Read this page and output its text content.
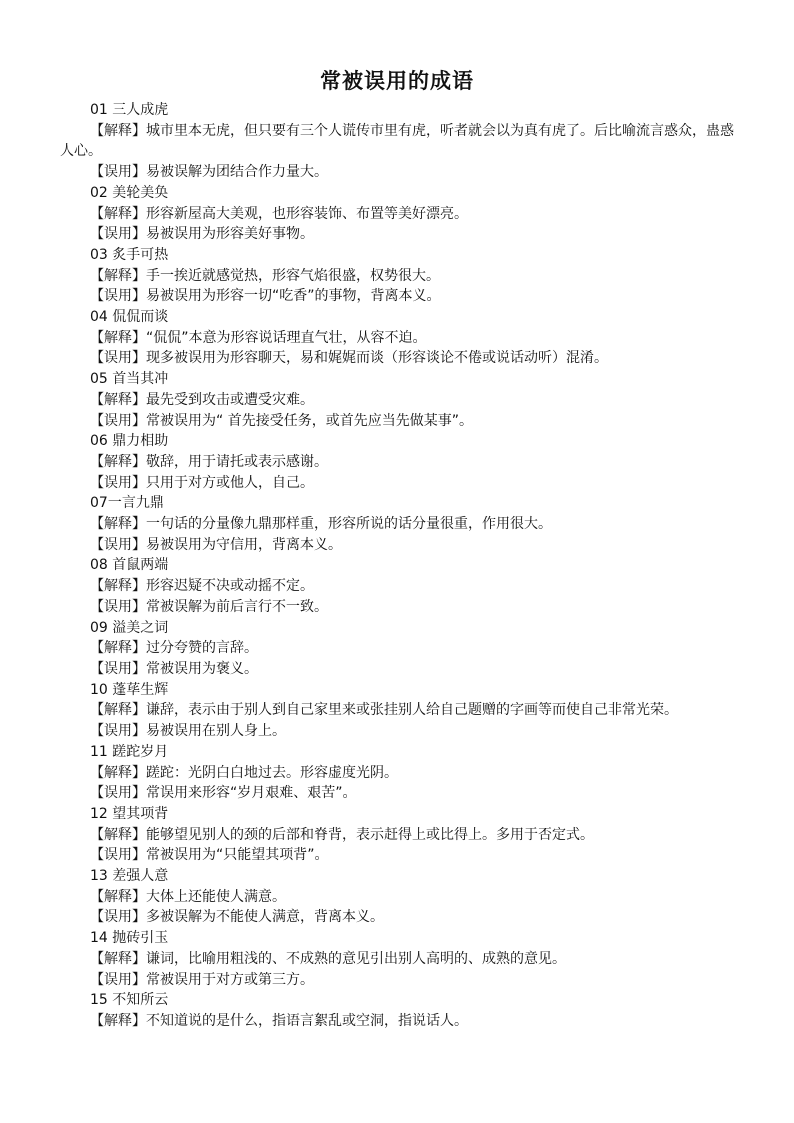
常被误用的成语
01 三人成虎
【解释】城市里本无虎，但只要有三个人谎传市里有虎，听者就会以为真有虎了。后比喻流言惑众，蛊惑人心。
【误用】易被误解为团结合作力量大。
02 美轮美奂
【解释】形容新屋高大美观，也形容装饰、布置等美好漂亮。
【误用】易被误用为形容美好事物。
03 炙手可热
【解释】手一挨近就感觉热，形容气焰很盛，权势很大。
【误用】易被误用为形容一切“吃香”的事物，背离本义。
04 侃侃而谈
【解释】“侃侃”本意为形容说话理直气壮，从容不迫。
【误用】现多被误用为形容聊天，易和娓娓而谈（形容谈论不倦或说话动听）混淆。
05 首当其冲
【解释】最先受到攻击或遭受灾难。
【误用】常被误用为“ 首先接受任务，或首先应当先做某事”。
06 鼎力相助
【解释】敬辞，用于请托或表示感谢。
【误用】只用于对方或他人，自己。
07一言九鼎
【解释】一句话的分量像九鼎那样重，形容所说的话分量很重，作用很大。
【误用】易被误用为守信用，背离本义。
08 首鼠两端
【解释】形容迟疑不决或动摇不定。
【误用】常被误解为前后言行不一致。
09 溢美之词
【解释】过分夸赞的言辞。
【误用】常被误用为褒义。
10 蓬荜生辉
【解释】谦辞，表示由于别人到自己家里来或张挂别人给自己题赠的字画等而使自己非常光荣。
【误用】易被误用在别人身上。
11 蹉跎岁月
【解释】蹉跎：光阴白白地过去。形容虚度光阴。
【误用】常误用来形容“岁月艰难、艰苦”。
12 望其项背
【解释】能够望见别人的颈的后部和脊背，表示赶得上或比得上。多用于否定式。
【误用】常被误用为“只能望其项背”。
13 差强人意
【解释】大体上还能使人满意。
【误用】多被误解为不能使人满意，背离本义。
14 抛砖引玉
【解释】谦词，比喻用粗浅的、不成熟的意见引出别人高明的、成熟的意见。
【误用】常被误用于对方或第三方。
15 不知所云
【解释】不知道说的是什么，指语言絮乱或空洞，指说话人。
